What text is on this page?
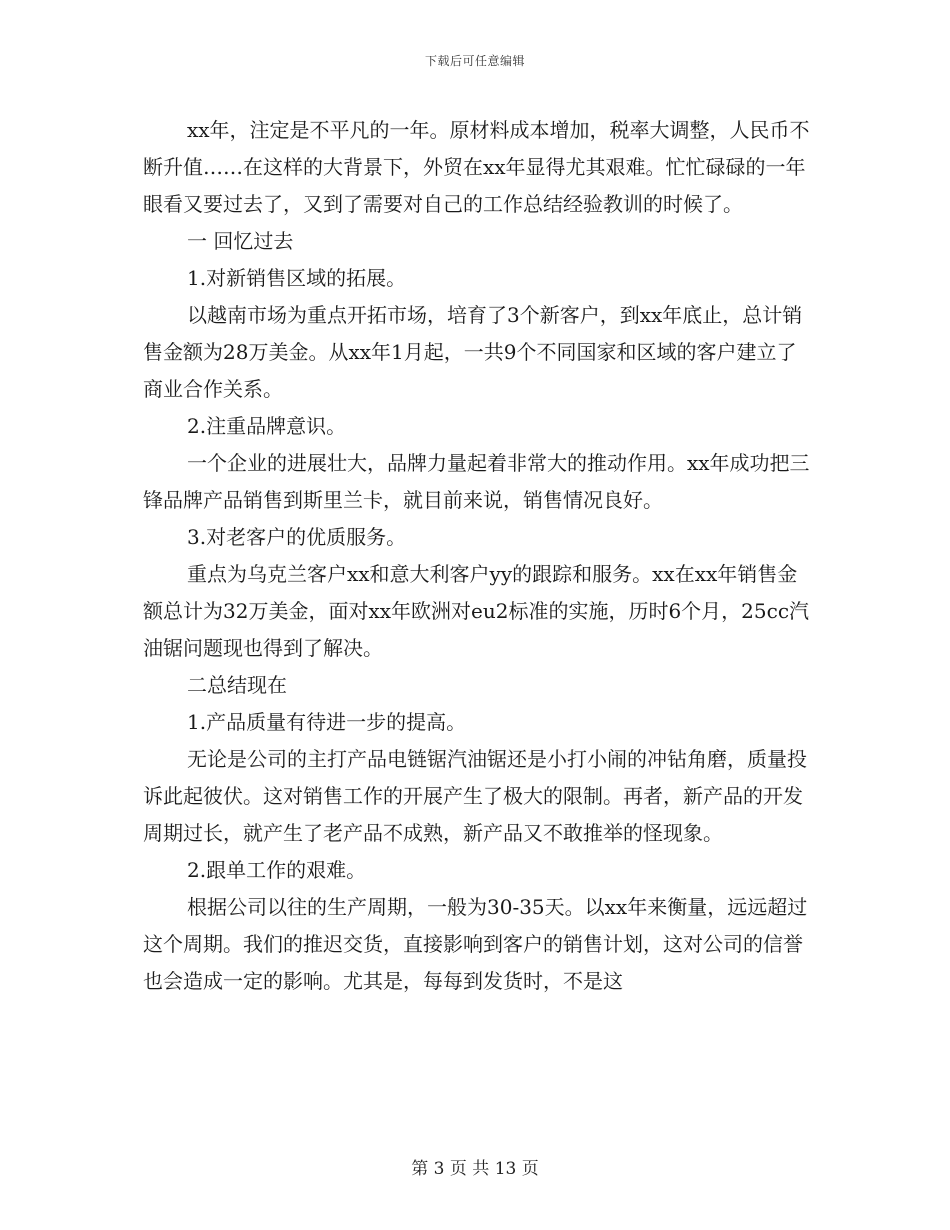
下载后可任意编辑

xx年，注定是不平凡的一年。原材料成本增加，税率大调整，人民币不断升值……在这样的大背景下，外贸在xx年显得尤其艰难。忙忙碌碌的一年眼看又要过去了，又到了需要对自己的工作总结经验教训的时候了。

一 回忆过去

1.对新销售区域的拓展。

以越南市场为重点开拓市场，培育了3个新客户，到xx年底止，总计销售金额为28万美金。从xx年1月起，一共9个不同国家和区域的客户建立了商业合作关系。

2.注重品牌意识。

一个企业的进展壮大，品牌力量起着非常大的推动作用。xx年成功把三锋品牌产品销售到斯里兰卡，就目前来说，销售情况良好。

3.对老客户的优质服务。

重点为乌克兰客户xx和意大利客户yy的跟踪和服务。xx在xx年销售金额总计为32万美金，面对xx年欧洲对eu2标准的实施，历时6个月，25cc汽油锯问题现也得到了解决。

二总结现在

1.产品质量有待进一步的提高。

无论是公司的主打产品电链锯汽油锯还是小打小闹的冲钻角磨，质量投诉此起彼伏。这对销售工作的开展产生了极大的限制。再者，新产品的开发周期过长，就产生了老产品不成熟，新产品又不敢推举的怪现象。

2.跟单工作的艰难。

根据公司以往的生产周期，一般为30-35天。以xx年来衡量，远远超过这个周期。我们的推迟交货，直接影响到客户的销售计划，这对公司的信誉也会造成一定的影响。尤其是，每每到发货时，不是这

第 3 页 共 13 页
